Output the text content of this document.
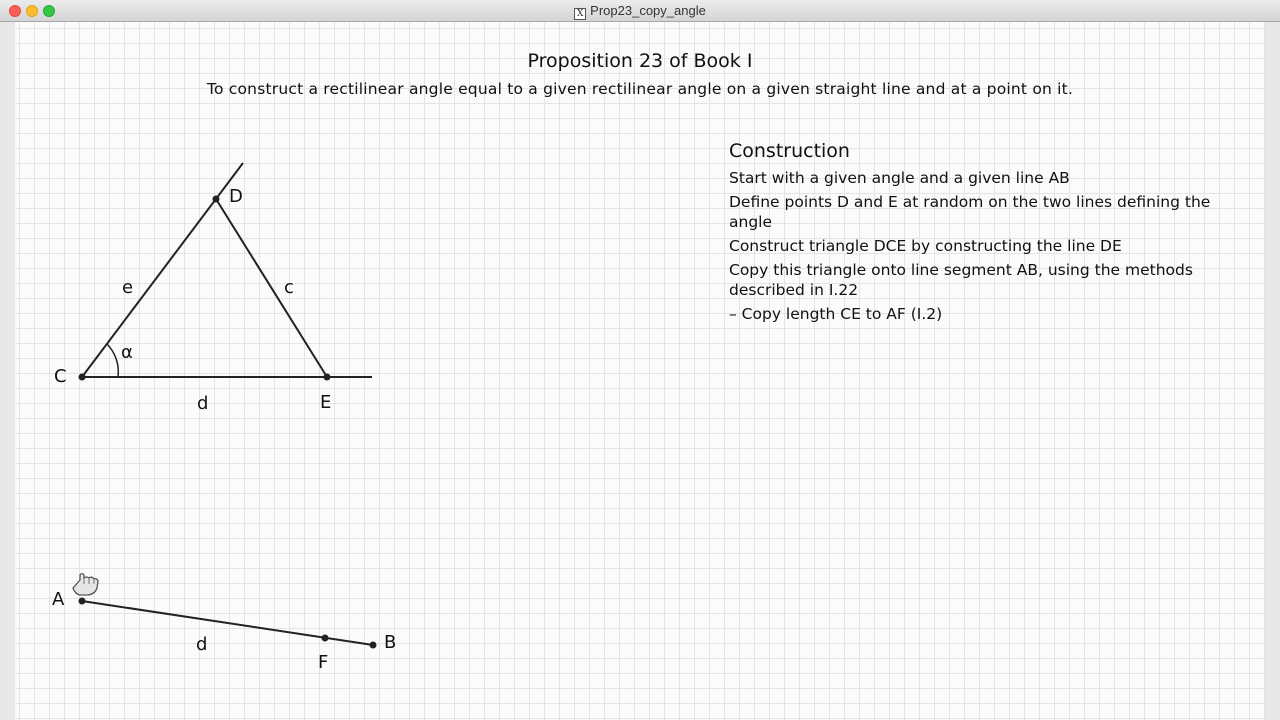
X Prop23_copy_angle
Proposition 23 of Book I
To construct a rectilinear angle equal to a given rectilinear angle on a given straight line and at a point on it.
Construction
Start with a given angle and a given line AB
Define points D and E at random on the two lines defining the angle
Construct triangle DCE by constructing the line DE
Copy this triangle onto line segment AB, using the methods described in I.22
– Copy length CE to AF (I.2)
C
D
E
e	c
d
α
A
B
F
d
